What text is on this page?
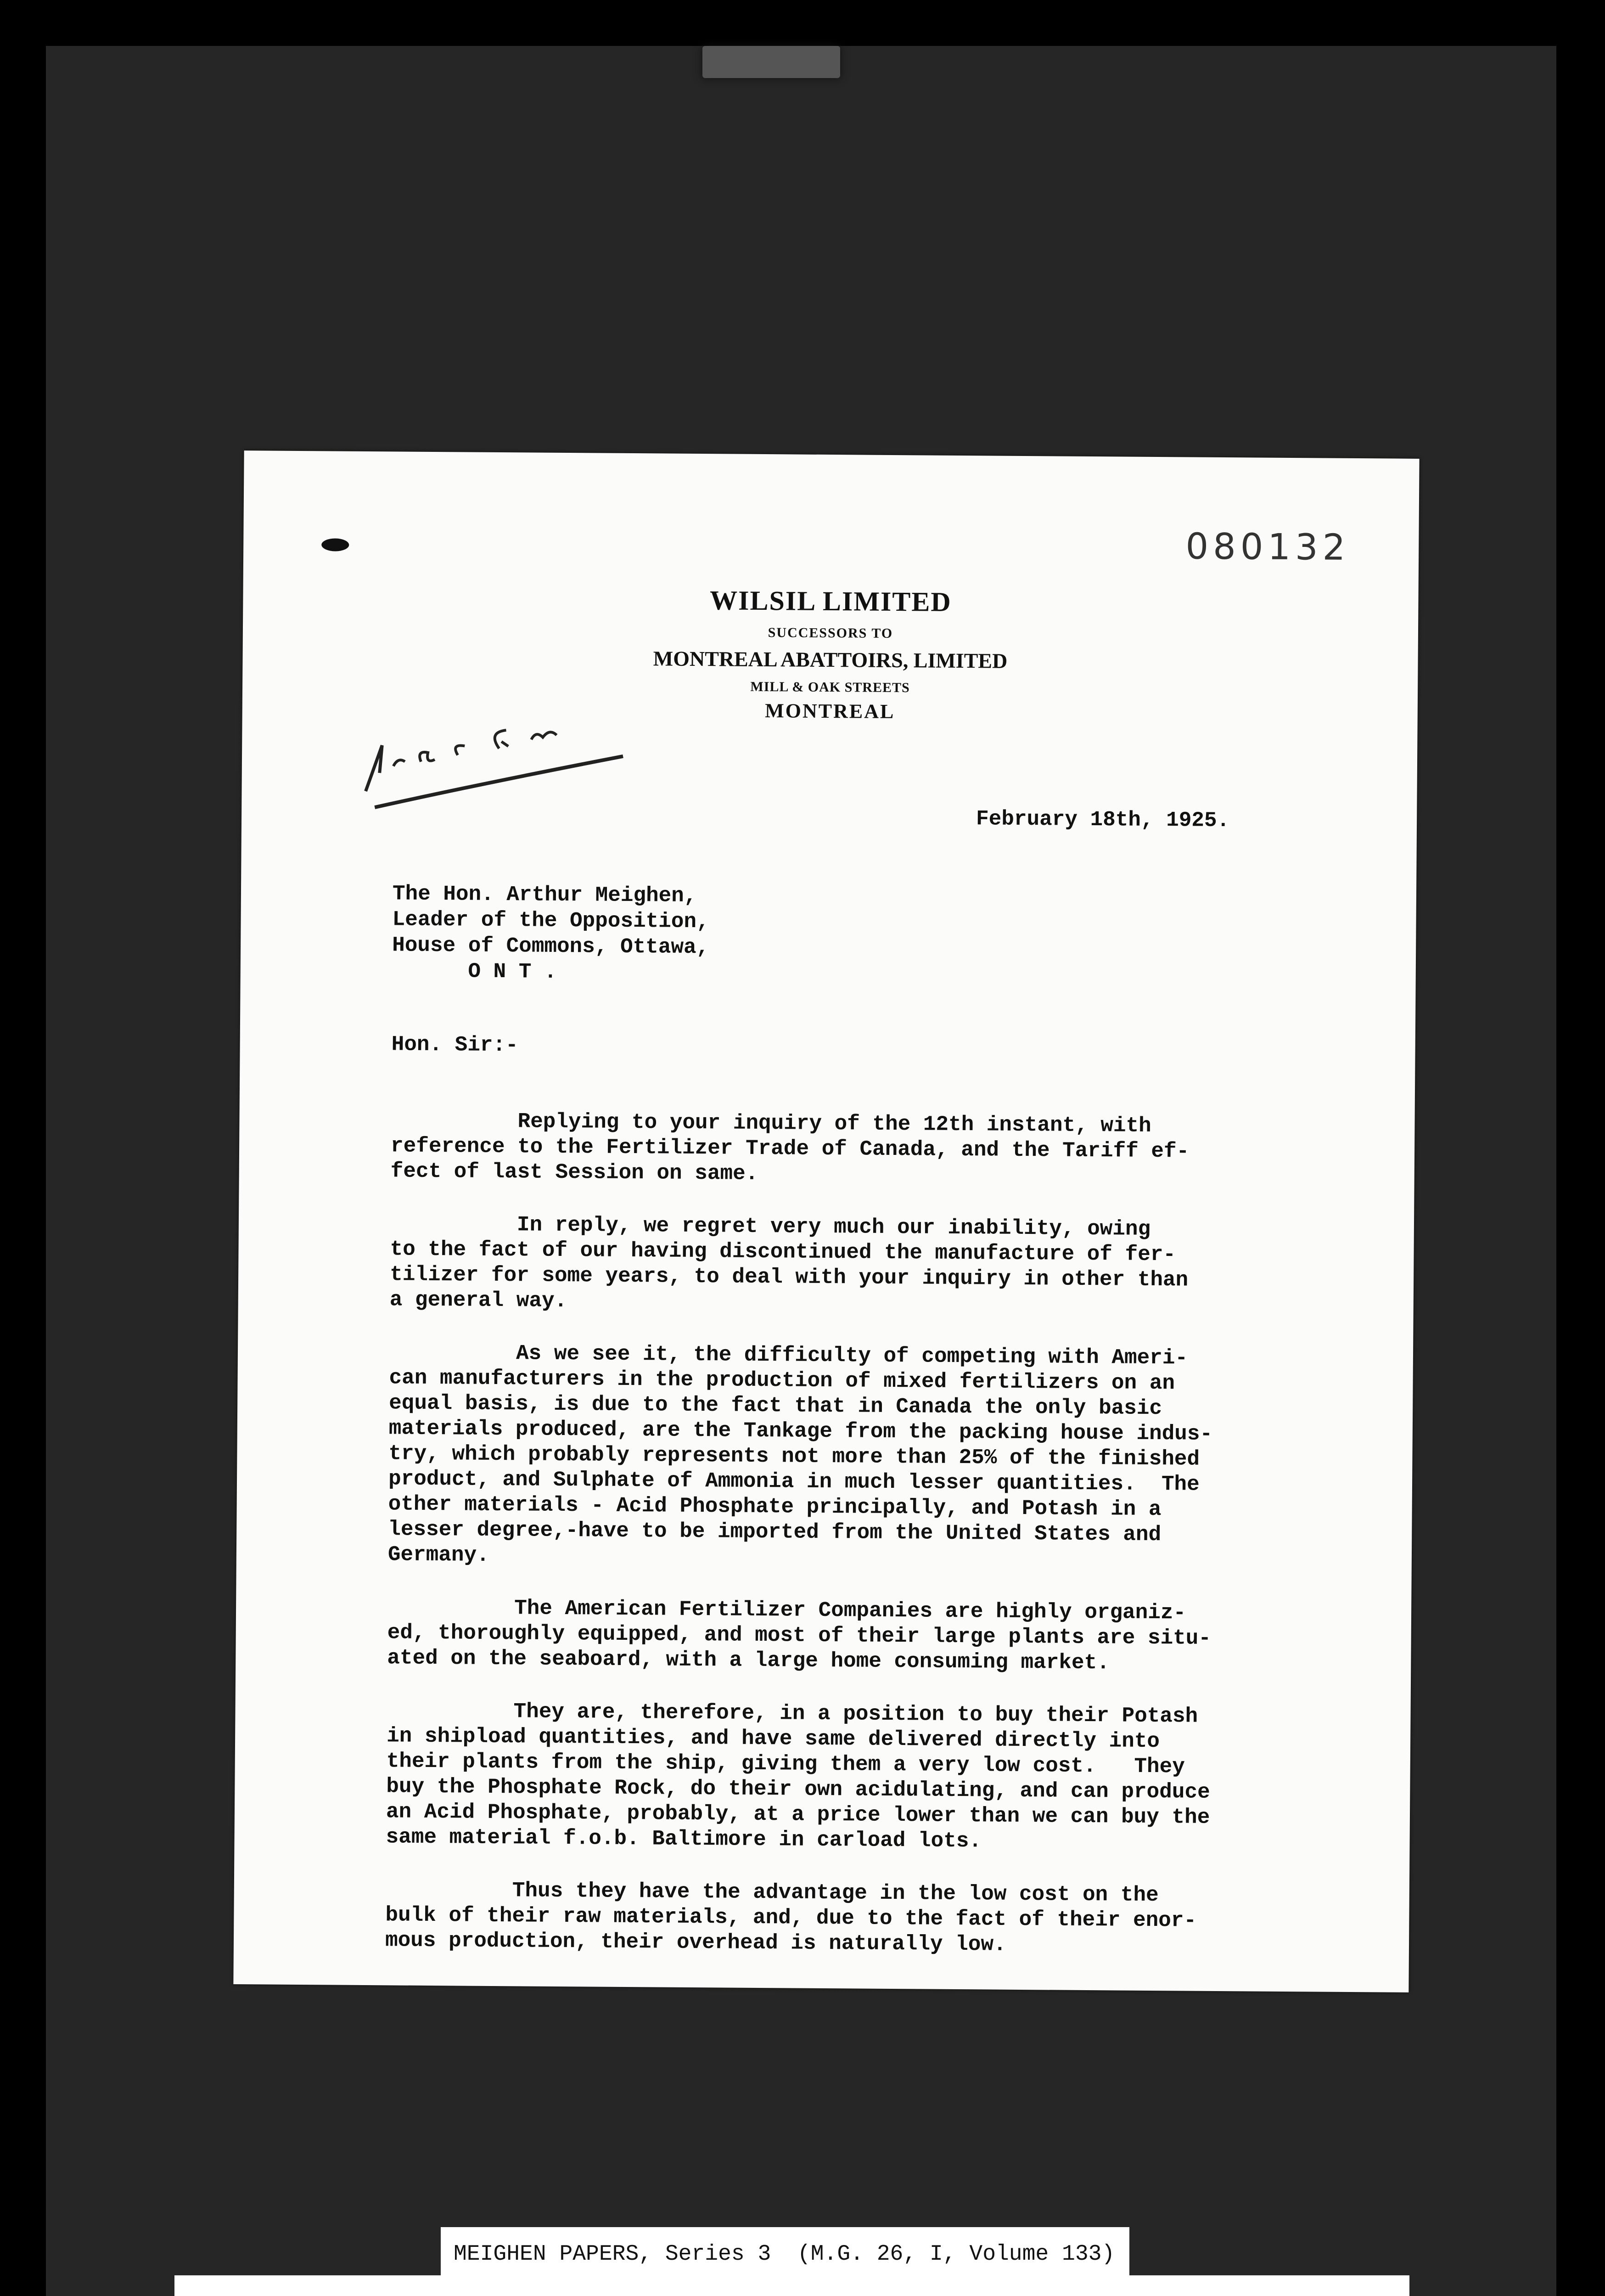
080132
WILSIL LIMITED
SUCCESSORS TO
MONTREAL ABATTOIRS, LIMITED
MILL & OAK STREETS
MONTREAL
February 18th, 1925.
The Hon. Arthur Meighen,
Leader of the Opposition,
House of Commons, Ottawa,
O N T .
Hon. Sir:-

Replying to your inquiry of the 12th instant, with
reference to the Fertilizer Trade of Canada, and the Tariff ef-
fect of last Session on same.

In reply, we regret very much our inability, owing
to the fact of our having discontinued the manufacture of fer-
tilizer for some years, to deal with your inquiry in other than
a general way.

As we see it, the difficulty of competing with Ameri-
can manufacturers in the production of mixed fertilizers on an
equal basis, is due to the fact that in Canada the only basic
materials produced, are the Tankage from the packing house indus-
try, which probably represents not more than 25% of the finished
product, and Sulphate of Ammonia in much lesser quantities.  The
other materials - Acid Phosphate principally, and Potash in a
lesser degree,-have to be imported from the United States and
Germany.

The American Fertilizer Companies are highly organiz-
ed, thoroughly equipped, and most of their large plants are situ-
ated on the seaboard, with a large home consuming market.

They are, therefore, in a position to buy their Potash
in shipload quantities, and have same delivered directly into
their plants from the ship, giving them a very low cost.   They
buy the Phosphate Rock, do their own acidulating, and can produce
an Acid Phosphate, probably, at a price lower than we can buy the
same material f.o.b. Baltimore in carload lots.

Thus they have the advantage in the low cost on the
bulk of their raw materials, and, due to the fact of their enor-
mous production, their overhead is naturally low.

MEIGHEN PAPERS, Series 3  (M.G. 26, I, Volume 133)
